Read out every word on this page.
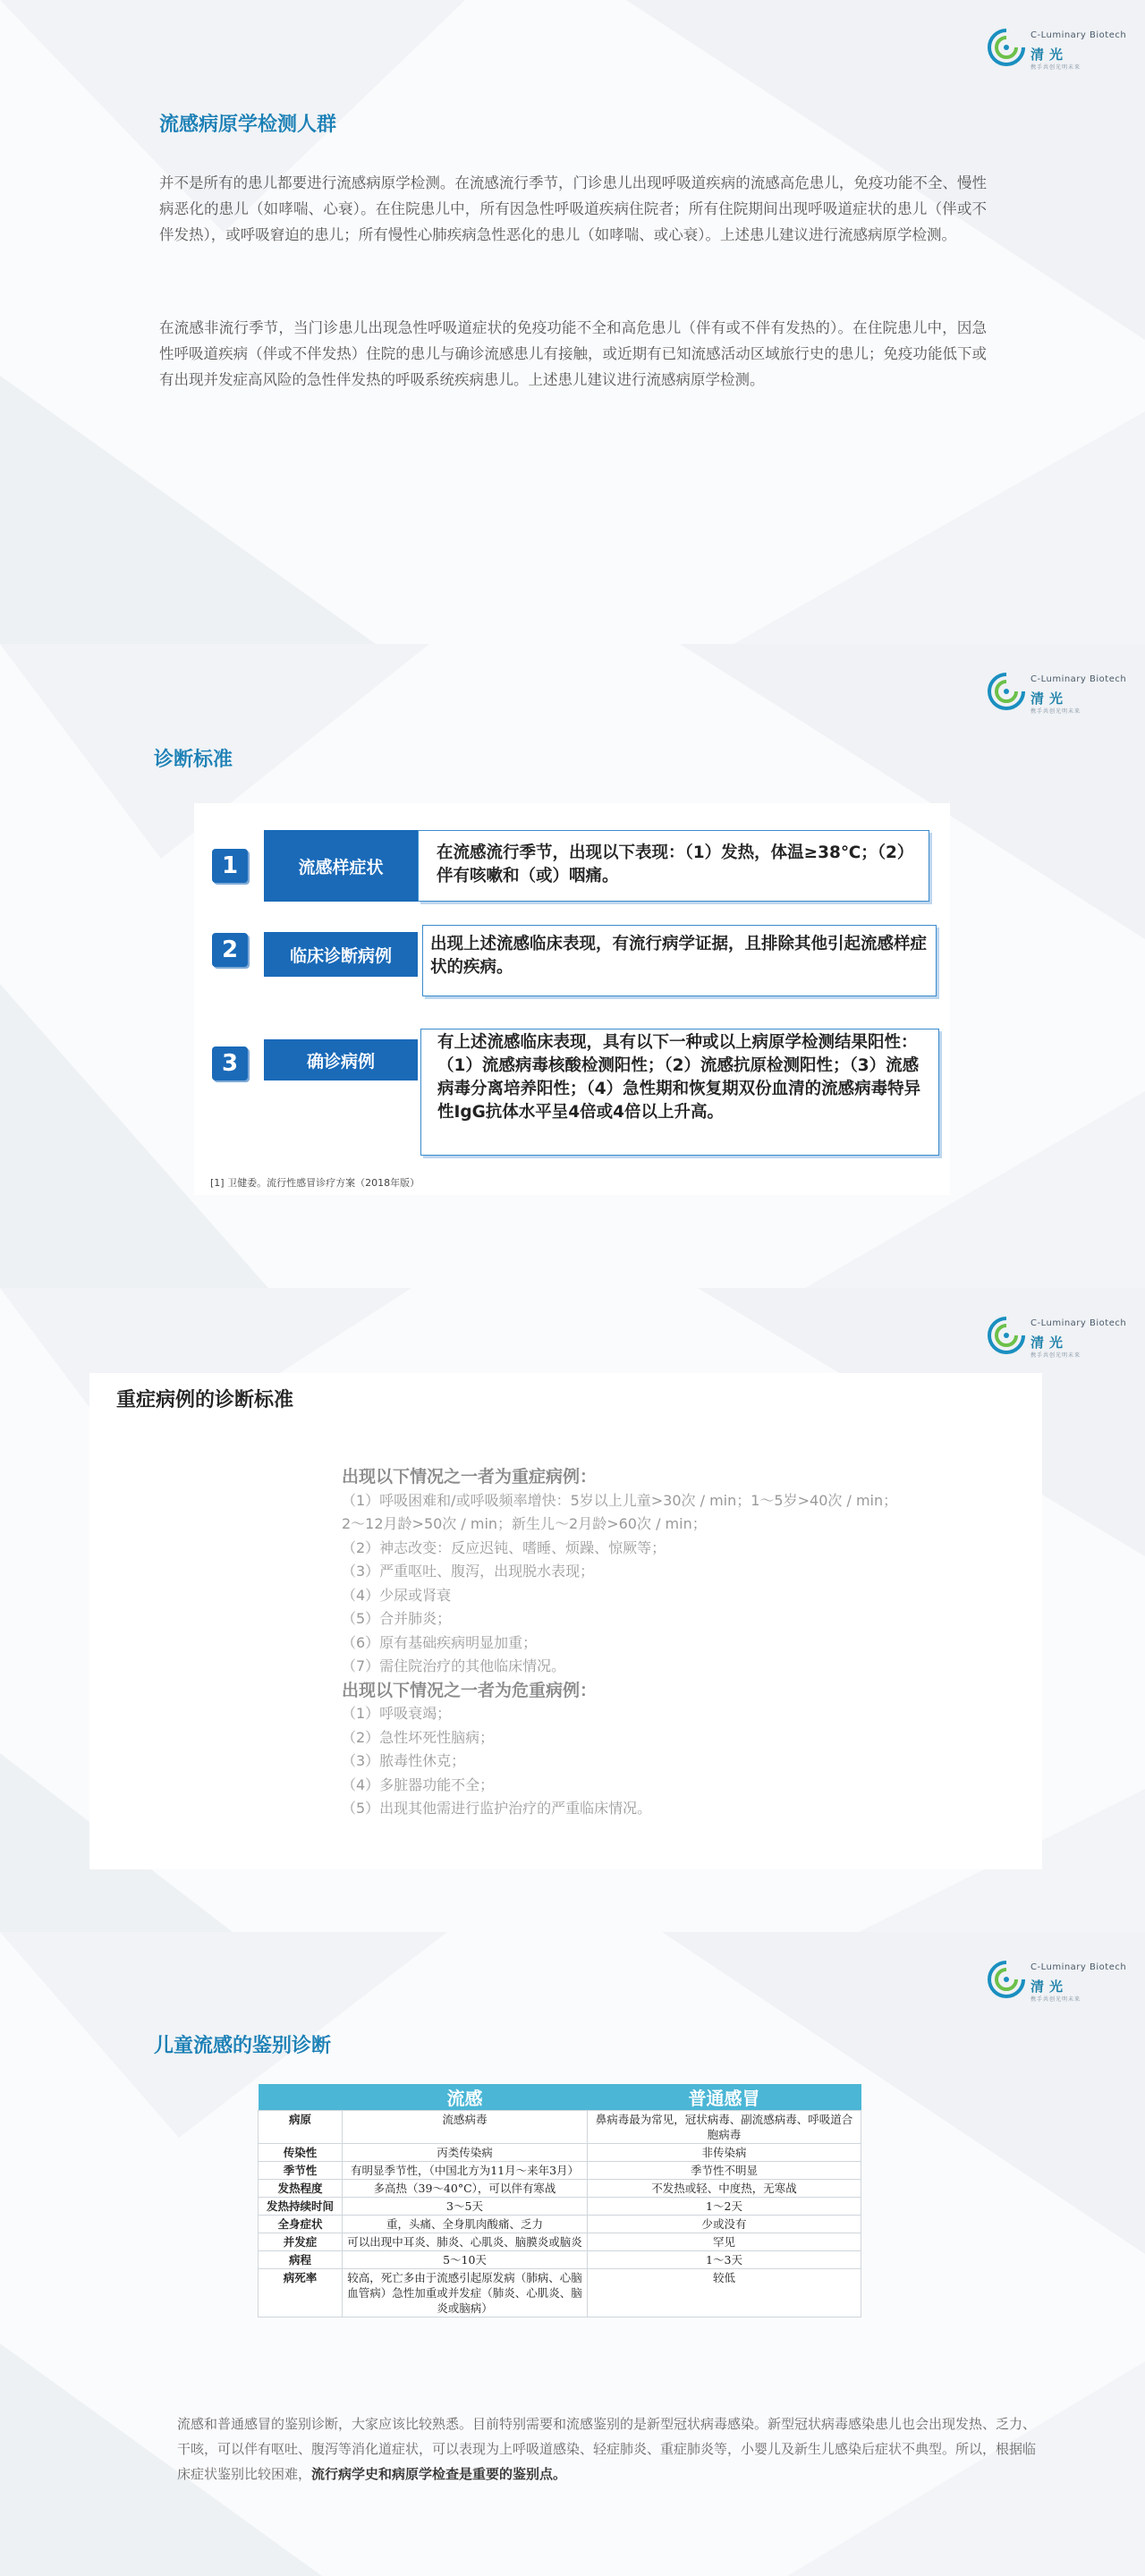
C-Luminary Biotech
清光
携手共创光明未来
流感病原学检测人群

并不是所有的患儿都要进行流感病原学检测。在流感流行季节，门诊患儿出现呼吸道疾病的流感高危患儿，免疫功能不全、慢性病恶化的患儿（如哮喘、心衰）。在住院患儿中，所有因急性呼吸道疾病住院者；所有住院期间出现呼吸道症状的患儿（伴或不伴发热），或呼吸窘迫的患儿；所有慢性心肺疾病急性恶化的患儿（如哮喘、或心衰）。上述患儿建议进行流感病原学检测。

在流感非流行季节，当门诊患儿出现急性呼吸道症状的免疫功能不全和高危患儿（伴有或不伴有发热的）。在住院患儿中，因急性呼吸道疾病（伴或不伴发热）住院的患儿与确诊流感患儿有接触，或近期有已知流感活动区域旅行史的患儿；免疫功能低下或有出现并发症高风险的急性伴发热的呼吸系统疾病患儿。上述患儿建议进行流感病原学检测。

C-Luminary Biotech
清光
携手共创光明未来
诊断标准
1	流感样症状
在流感流行季节，出现以下表现：（1）发热，体温≥38℃；（2）伴有咳嗽和（或）咽痛。
2	临床诊断病例
出现上述流感临床表现，有流行病学证据，且排除其他引起流感样症状的疾病。
3	确诊病例
有上述流感临床表现，具有以下一种或以上病原学检测结果阳性：（1）流感病毒核酸检测阳性；（2）流感抗原检测阳性；（3）流感病毒分离培养阳性；（4）急性期和恢复期双份血清的流感病毒特异性IgG抗体水平呈4倍或4倍以上升高。
[1] 卫健委。流行性感冒诊疗方案（2018年版）
C-Luminary Biotech
清光
携手共创光明未来
重症病例的诊断标准
出现以下情况之一者为重症病例：
（1）呼吸困难和/或呼吸频率增快：5岁以上儿童>30次 / min；1～5岁>40次 / min；
2～12月龄>50次 / min；新生儿～2月龄>60次 / min；
（2）神志改变：反应迟钝、嗜睡、烦躁、惊厥等；
（3）严重呕吐、腹泻，出现脱水表现；
（4）少尿或肾衰
（5）合并肺炎；
（6）原有基础疾病明显加重；
（7）需住院治疗的其他临床情况。
出现以下情况之一者为危重病例：
（1）呼吸衰竭；
（2）急性坏死性脑病；
（3）脓毒性休克；
（4）多脏器功能不全；
（5）出现其他需进行监护治疗的严重临床情况。
C-Luminary Biotech
清光
携手共创光明未来
儿童流感的鉴别诊断
	流感	普通感冒
病原	流感病毒	鼻病毒最为常见，冠状病毒、副流感病毒、呼吸道合胞病毒
传染性	丙类传染病	非传染病
季节性	有明显季节性，（中国北方为11月～来年3月）	季节性不明显
发热程度	多高热（39～40°C），可以伴有寒战	不发热或轻、中度热，无寒战
发热持续时间	3～5天	1～2天
全身症状	重，头痛、全身肌肉酸痛、乏力	少或没有
并发症	可以出现中耳炎、肺炎、心肌炎、脑膜炎或脑炎	罕见
病程	5～10天	1～3天
病死率	较高，死亡多由于流感引起原发病（肺病、心脑血管病）急性加重或并发症（肺炎、心肌炎、脑炎或脑病）	较低

流感和普通感冒的鉴别诊断，大家应该比较熟悉。目前特别需要和流感鉴别的是新型冠状病毒感染。新型冠状病毒感染患儿也会出现发热、乏力、干咳，可以伴有呕吐、腹泻等消化道症状，可以表现为上呼吸道感染、轻症肺炎、重症肺炎等，小婴儿及新生儿感染后症状不典型。所以，根据临床症状鉴别比较困难，流行病学史和病原学检查是重要的鉴别点。
